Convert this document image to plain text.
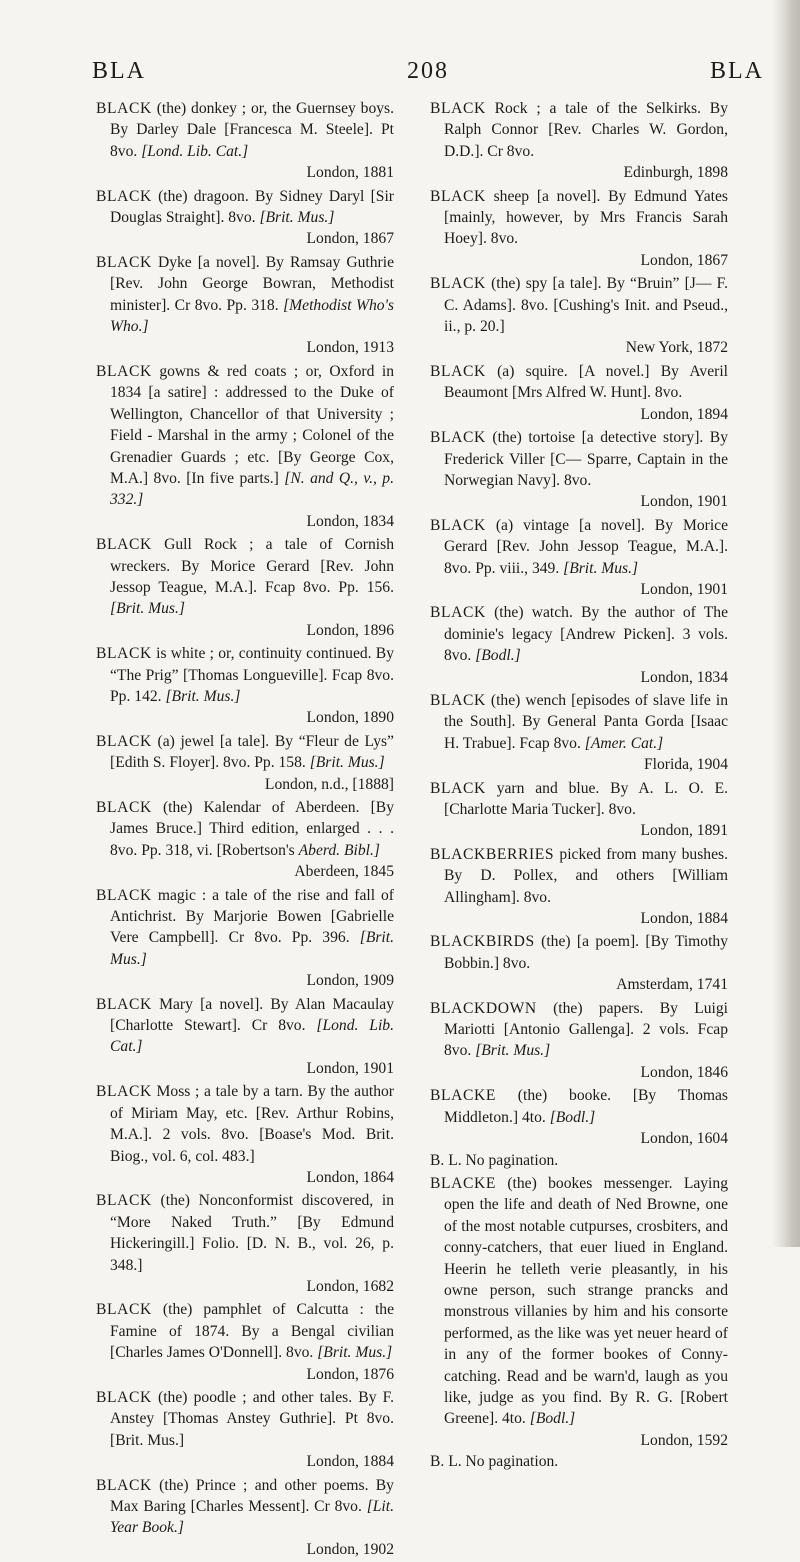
BLA	208	BLA

BLACK (the) donkey ; or, the Guernsey boys. By Darley Dale [Francesca M. Steele]. Pt 8vo. [Lond. Lib. Cat.]
London, 1881

BLACK (the) dragoon. By Sidney Daryl [Sir Douglas Straight]. 8vo. [Brit. Mus.]
London, 1867

BLACK Dyke [a novel]. By Ramsay Guthrie [Rev. John George Bowran, Methodist minister]. Cr 8vo. Pp. 318. [Methodist Who's Who.]
London, 1913

BLACK gowns & red coats ; or, Oxford in 1834 [a satire] : addressed to the Duke of Wellington, Chancellor of that University ; Field - Marshal in the army ; Colonel of the Grenadier Guards ; etc. [By George Cox, M.A.] 8vo. [In five parts.] [N. and Q., v., p. 332.]
London, 1834

BLACK Gull Rock ; a tale of Cornish wreckers. By Morice Gerard [Rev. John Jessop Teague, M.A.]. Fcap 8vo. Pp. 156. [Brit. Mus.]
London, 1896

BLACK is white ; or, continuity continued. By “The Prig” [Thomas Longueville]. Fcap 8vo. Pp. 142. [Brit. Mus.]
London, 1890

BLACK (a) jewel [a tale]. By “Fleur de Lys” [Edith S. Floyer]. 8vo. Pp. 158. [Brit. Mus.]
London, n.d., [1888]

BLACK (the) Kalendar of Aberdeen. [By James Bruce.] Third edition, enlarged . . . 8vo. Pp. 318, vi. [Robertson's Aberd. Bibl.]
Aberdeen, 1845

BLACK magic : a tale of the rise and fall of Antichrist. By Marjorie Bowen [Gabrielle Vere Campbell]. Cr 8vo. Pp. 396. [Brit. Mus.]
London, 1909

BLACK Mary [a novel]. By Alan Macaulay [Charlotte Stewart]. Cr 8vo. [Lond. Lib. Cat.]
London, 1901

BLACK Moss ; a tale by a tarn. By the author of Miriam May, etc. [Rev. Arthur Robins, M.A.]. 2 vols. 8vo. [Boase's Mod. Brit. Biog., vol. 6, col. 483.]
London, 1864

BLACK (the) Nonconformist discovered, in “More Naked Truth.” [By Edmund Hickeringill.] Folio. [D. N. B., vol. 26, p. 348.]
London, 1682

BLACK (the) pamphlet of Calcutta : the Famine of 1874. By a Bengal civilian [Charles James O'Donnell]. 8vo. [Brit. Mus.]
London, 1876

BLACK (the) poodle ; and other tales. By F. Anstey [Thomas Anstey Guthrie]. Pt 8vo. [Brit. Mus.]
London, 1884

BLACK (the) Prince ; and other poems. By Max Baring [Charles Messent]. Cr 8vo. [Lit. Year Book.]
London, 1902

BLACK Rock ; a tale of the Selkirks. By Ralph Connor [Rev. Charles W. Gordon, D.D.]. Cr 8vo.
Edinburgh, 1898

BLACK sheep [a novel]. By Edmund Yates [mainly, however, by Mrs Francis Sarah Hoey]. 8vo.
London, 1867

BLACK (the) spy [a tale]. By “Bruin” [J— F. C. Adams]. 8vo. [Cushing's Init. and Pseud., ii., p. 20.]
New York, 1872

BLACK (a) squire. [A novel.] By Averil Beaumont [Mrs Alfred W. Hunt]. 8vo.
London, 1894

BLACK (the) tortoise [a detective story]. By Frederick Viller [C— Sparre, Captain in the Norwegian Navy]. 8vo.
London, 1901

BLACK (a) vintage [a novel]. By Morice Gerard [Rev. John Jessop Teague, M.A.]. 8vo. Pp. viii., 349. [Brit. Mus.]
London, 1901

BLACK (the) watch. By the author of The dominie's legacy [Andrew Picken]. 3 vols. 8vo. [Bodl.]
London, 1834

BLACK (the) wench [episodes of slave life in the South]. By General Panta Gorda [Isaac H. Trabue]. Fcap 8vo. [Amer. Cat.]
Florida, 1904

BLACK yarn and blue. By A. L. O. E. [Charlotte Maria Tucker]. 8vo.
London, 1891

BLACKBERRIES picked from many bushes. By D. Pollex, and others [William Allingham]. 8vo.
London, 1884

BLACKBIRDS (the) [a poem]. [By Timothy Bobbin.] 8vo.
Amsterdam, 1741

BLACKDOWN (the) papers. By Luigi Mariotti [Antonio Gallenga]. 2 vols. Fcap 8vo. [Brit. Mus.]
London, 1846

BLACKE (the) booke. [By Thomas Middleton.] 4to. [Bodl.]
London, 1604
B. L. No pagination.

BLACKE (the) bookes messenger. Laying open the life and death of Ned Browne, one of the most notable cutpurses, crosbiters, and conny-catchers, that euer liued in England. Heerin he telleth verie pleasantly, in his owne person, such strange prancks and monstrous villanies by him and his consorte performed, as the like was yet neuer heard of in any of the former bookes of Conny-catching. Read and be warn'd, laugh as you like, judge as you find. By R. G. [Robert Greene]. 4to. [Bodl.]
London, 1592
B. L. No pagination.
